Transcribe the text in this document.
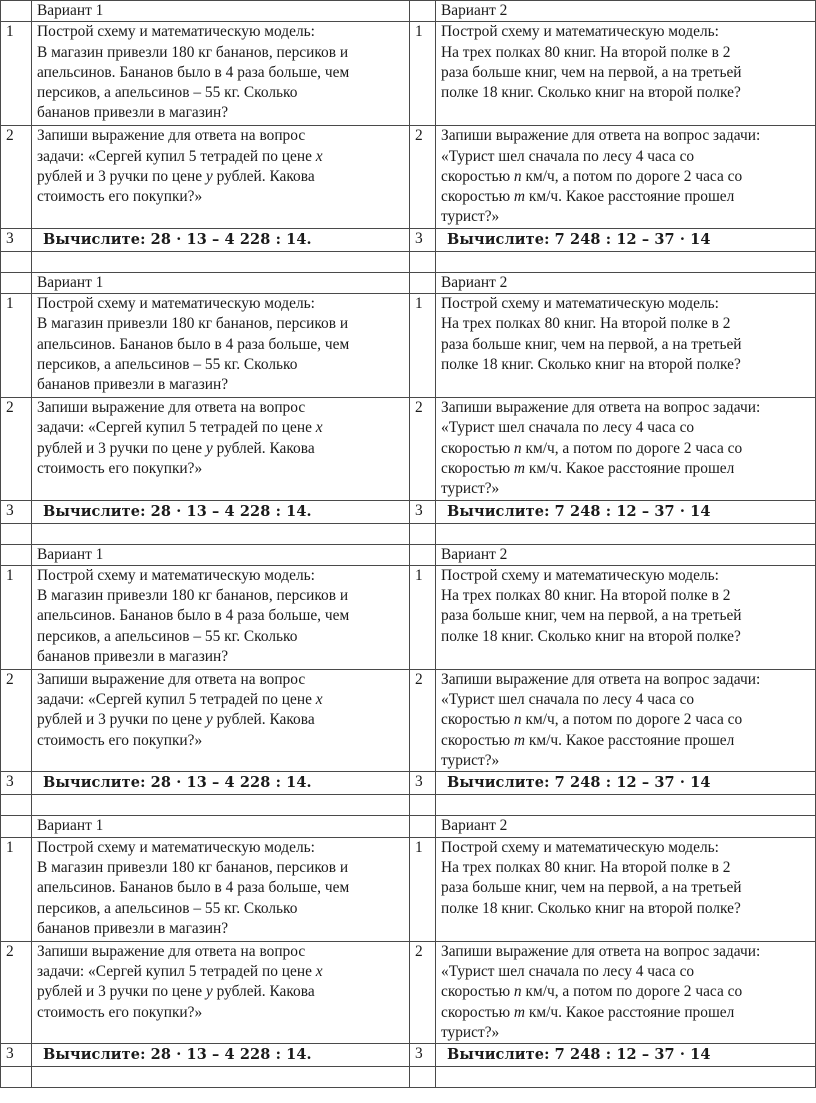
	Вариант 1		Вариант 2
1	Построй схему и математическую модель:
В магазин привезли 180 кг бананов, персиков и
апельсинов. Бананов было в 4 раза больше, чем
персиков, а апельсинов – 55 кг. Сколько
бананов привезли в магазин?	1	Построй схему и математическую модель:
На трех полках 80 книг. На второй полке в 2
раза больше книг, чем на первой, а на третьей
полке 18 книг. Сколько книг на второй полке?

2	Запиши выражение для ответа на вопрос
задачи: «Сергей купил 5 тетрадей по цене x
рублей и 3 ручки по цене y рублей. Какова
стоимость его покупки?»	2	Запиши выражение для ответа на вопрос задачи:
«Турист шел сначала по лесу 4 часа со
скоростью n км/ч, а потом по дороге 2 часа со
скоростью m км/ч. Какое расстояние прошел
турист?»

3	Вычислите: 28 · 13 – 4 228 : 14.	3	Вычислите: 7 248 : 12 – 37 · 14

	Вариант 1		Вариант 2
1	Построй схему и математическую модель:
В магазин привезли 180 кг бананов, персиков и
апельсинов. Бананов было в 4 раза больше, чем
персиков, а апельсинов – 55 кг. Сколько
бананов привезли в магазин?	1	Построй схему и математическую модель:
На трех полках 80 книг. На второй полке в 2
раза больше книг, чем на первой, а на третьей
полке 18 книг. Сколько книг на второй полке?

2	Запиши выражение для ответа на вопрос
задачи: «Сергей купил 5 тетрадей по цене x
рублей и 3 ручки по цене y рублей. Какова
стоимость его покупки?»	2	Запиши выражение для ответа на вопрос задачи:
«Турист шел сначала по лесу 4 часа со
скоростью n км/ч, а потом по дороге 2 часа со
скоростью m км/ч. Какое расстояние прошел
турист?»

3	Вычислите: 28 · 13 – 4 228 : 14.	3	Вычислите: 7 248 : 12 – 37 · 14

	Вариант 1		Вариант 2
1	Построй схему и математическую модель:
В магазин привезли 180 кг бананов, персиков и
апельсинов. Бананов было в 4 раза больше, чем
персиков, а апельсинов – 55 кг. Сколько
бананов привезли в магазин?	1	Построй схему и математическую модель:
На трех полках 80 книг. На второй полке в 2
раза больше книг, чем на первой, а на третьей
полке 18 книг. Сколько книг на второй полке?

2	Запиши выражение для ответа на вопрос
задачи: «Сергей купил 5 тетрадей по цене x
рублей и 3 ручки по цене y рублей. Какова
стоимость его покупки?»	2	Запиши выражение для ответа на вопрос задачи:
«Турист шел сначала по лесу 4 часа со
скоростью n км/ч, а потом по дороге 2 часа со
скоростью m км/ч. Какое расстояние прошел
турист?»

3	Вычислите: 28 · 13 – 4 228 : 14.	3	Вычислите: 7 248 : 12 – 37 · 14

	Вариант 1		Вариант 2
1	Построй схему и математическую модель:
В магазин привезли 180 кг бананов, персиков и
апельсинов. Бананов было в 4 раза больше, чем
персиков, а апельсинов – 55 кг. Сколько
бананов привезли в магазин?	1	Построй схему и математическую модель:
На трех полках 80 книг. На второй полке в 2
раза больше книг, чем на первой, а на третьей
полке 18 книг. Сколько книг на второй полке?

2	Запиши выражение для ответа на вопрос
задачи: «Сергей купил 5 тетрадей по цене x
рублей и 3 ручки по цене y рублей. Какова
стоимость его покупки?»	2	Запиши выражение для ответа на вопрос задачи:
«Турист шел сначала по лесу 4 часа со
скоростью n км/ч, а потом по дороге 2 часа со
скоростью m км/ч. Какое расстояние прошел
турист?»

3	Вычислите: 28 · 13 – 4 228 : 14.	3	Вычислите: 7 248 : 12 – 37 · 14
